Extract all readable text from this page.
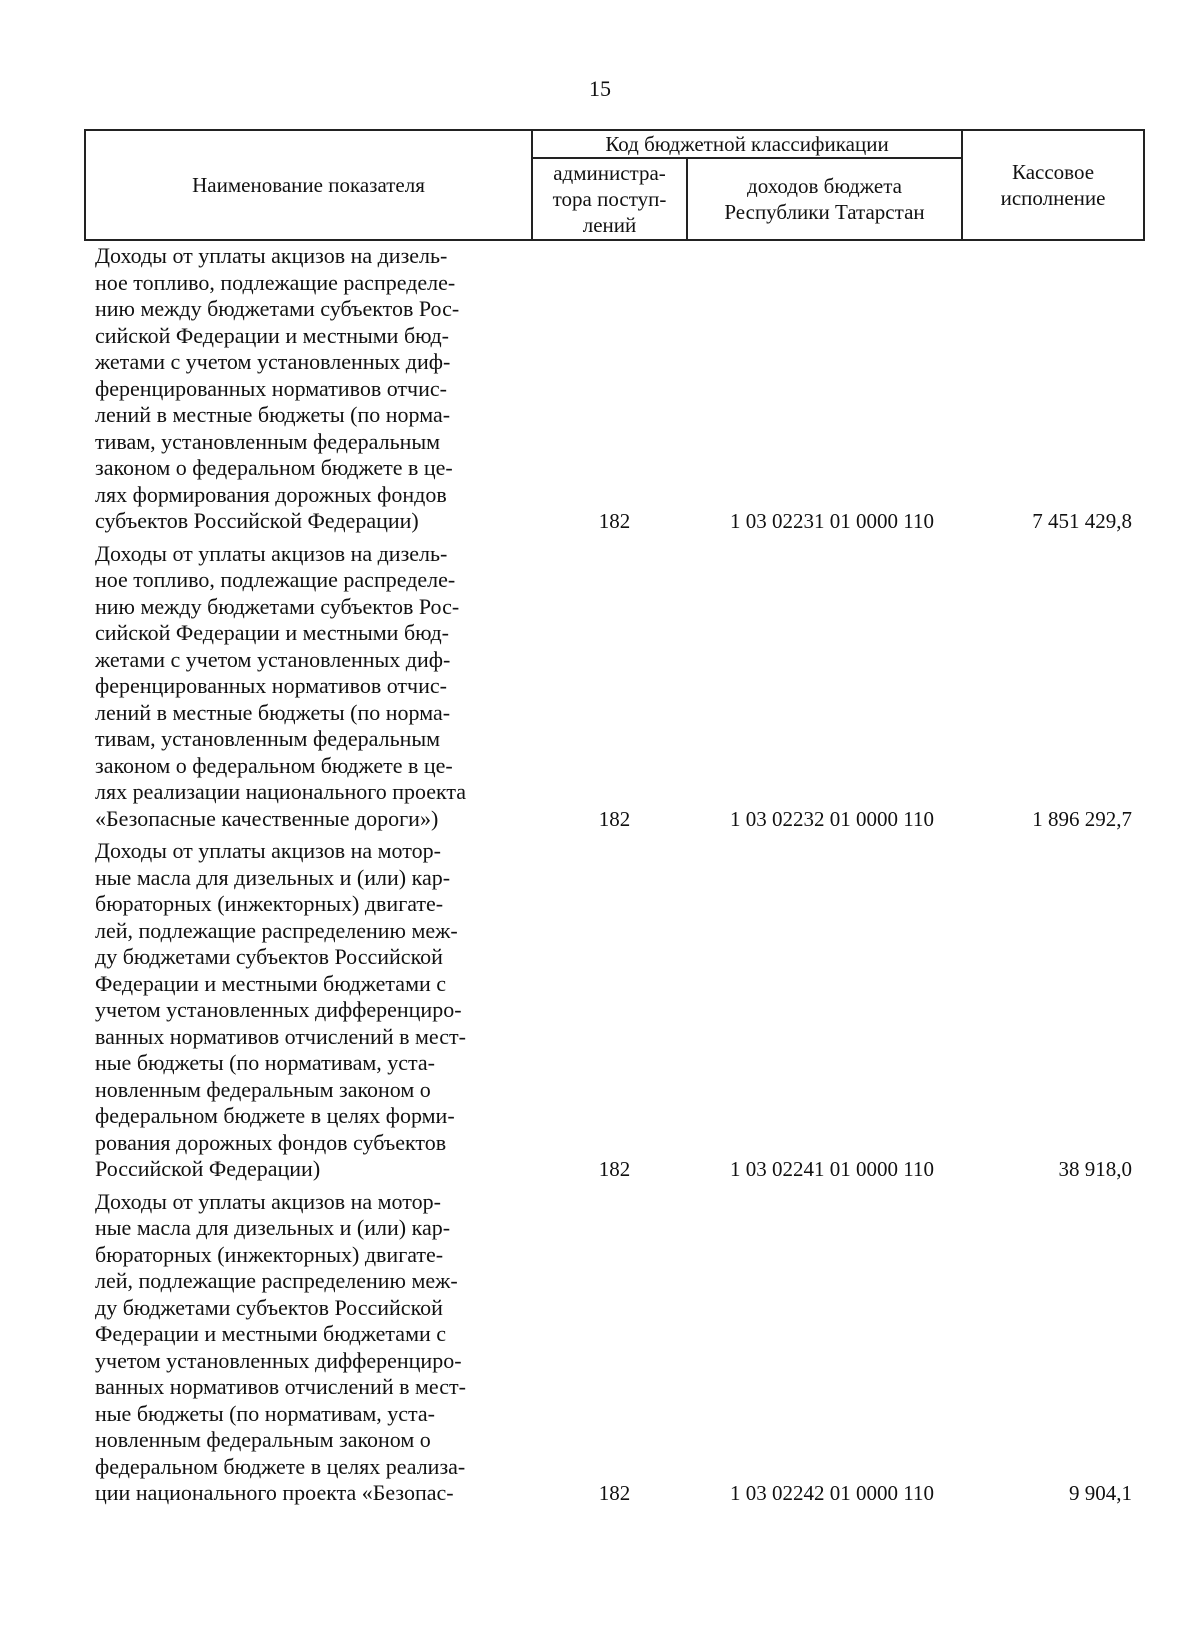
15
Наименование показателя	Код бюджетной классификации		Кассовое
исполнение
	администра-
тора поступ-
лений	доходов бюджета
Республики Татарстан	
Доходы от уплаты акцизов на дизель-
ное топливо, подлежащие распределе-
нию между бюджетами субъектов Рос-
сийской Федерации и местными бюд-
жетами с учетом установленных диф-
ференцированных нормативов отчис-
лений в местные бюджеты (по норма-
тивам, установленным федеральным
законом о федеральном бюджете в це-
лях формирования дорожных фондов
субъектов Российской Федерации)	182	1 03 02231 01 0000 110	7 451 429,8
Доходы от уплаты акцизов на дизель-
ное топливо, подлежащие распределе-
нию между бюджетами субъектов Рос-
сийской Федерации и местными бюд-
жетами с учетом установленных диф-
ференцированных нормативов отчис-
лений в местные бюджеты (по норма-
тивам, установленным федеральным
законом о федеральном бюджете в це-
лях реализации национального проекта
«Безопасные качественные дороги»)	182	1 03 02232 01 0000 110	1 896 292,7
Доходы от уплаты акцизов на мотор-
ные масла для дизельных и (или) кар-
бюраторных (инжекторных) двигате-
лей, подлежащие распределению меж-
ду бюджетами субъектов Российской
Федерации и местными бюджетами с
учетом установленных дифференциро-
ванных нормативов отчислений в мест-
ные бюджеты (по нормативам, уста-
новленным федеральным законом о
федеральном бюджете в целях форми-
рования дорожных фондов субъектов
Российской Федерации)	182	1 03 02241 01 0000 110	38 918,0
Доходы от уплаты акцизов на мотор-
ные масла для дизельных и (или) кар-
бюраторных (инжекторных) двигате-
лей, подлежащие распределению меж-
ду бюджетами субъектов Российской
Федерации и местными бюджетами с
учетом установленных дифференциро-
ванных нормативов отчислений в мест-
ные бюджеты (по нормативам, уста-
новленным федеральным законом о
федеральном бюджете в целях реализа-
ции национального проекта «Безопас-	182	1 03 02242 01 0000 110	9 904,1
